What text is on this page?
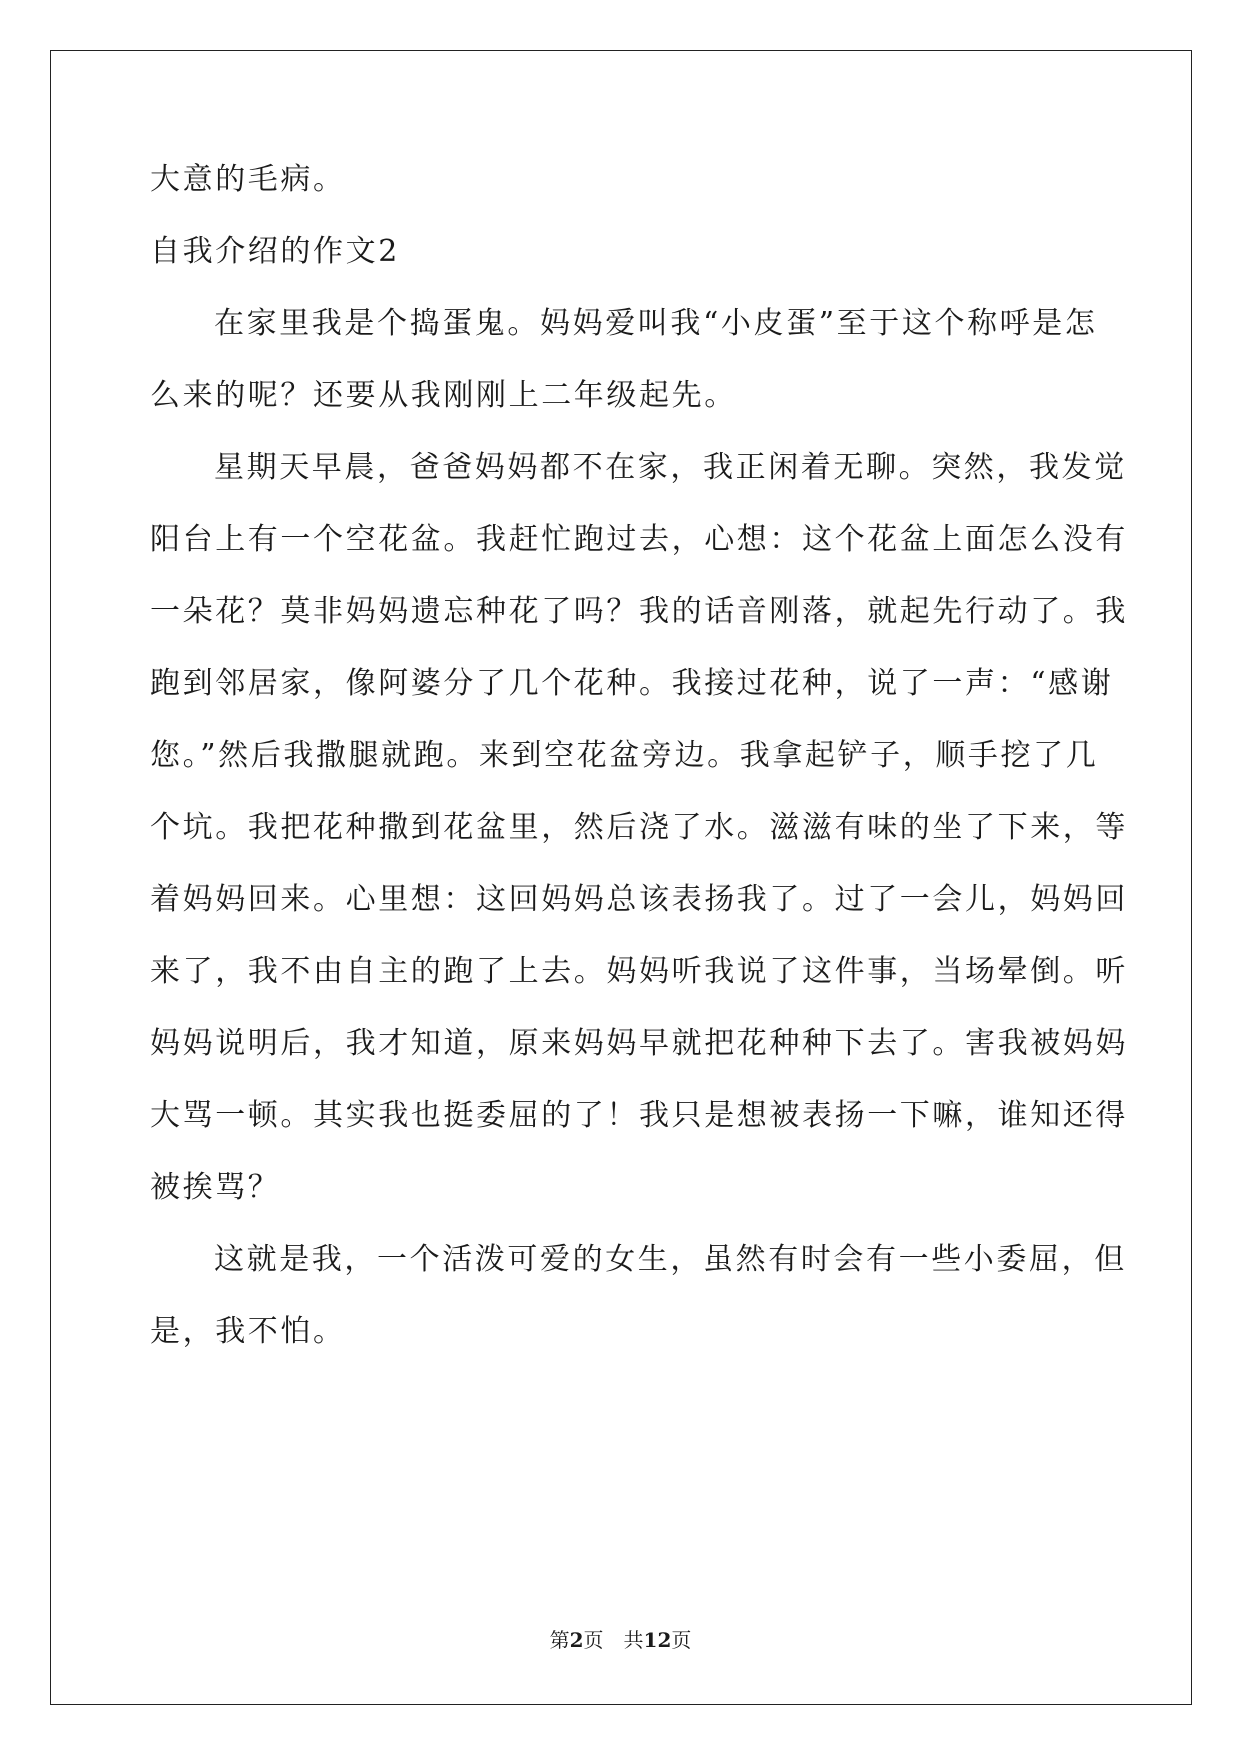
大意的毛病。
自我介绍的作文2
在家里我是个捣蛋鬼。妈妈爱叫我“小皮蛋”至于这个称呼是怎
么来的呢？还要从我刚刚上二年级起先。
星期天早晨，爸爸妈妈都不在家，我正闲着无聊。突然，我发觉
阳台上有一个空花盆。我赶忙跑过去，心想：这个花盆上面怎么没有
一朵花？莫非妈妈遗忘种花了吗？我的话音刚落，就起先行动了。我
跑到邻居家，像阿婆分了几个花种。我接过花种，说了一声：“感谢
您。”然后我撒腿就跑。来到空花盆旁边。我拿起铲子，顺手挖了几
个坑。我把花种撒到花盆里，然后浇了水。滋滋有味的坐了下来，等
着妈妈回来。心里想：这回妈妈总该表扬我了。过了一会儿，妈妈回
来了，我不由自主的跑了上去。妈妈听我说了这件事，当场晕倒。听
妈妈说明后，我才知道，原来妈妈早就把花种种下去了。害我被妈妈
大骂一顿。其实我也挺委屈的了！我只是想被表扬一下嘛，谁知还得
被挨骂？
这就是我，一个活泼可爱的女生，虽然有时会有一些小委屈，但
是，我不怕。
第2页　共12页
